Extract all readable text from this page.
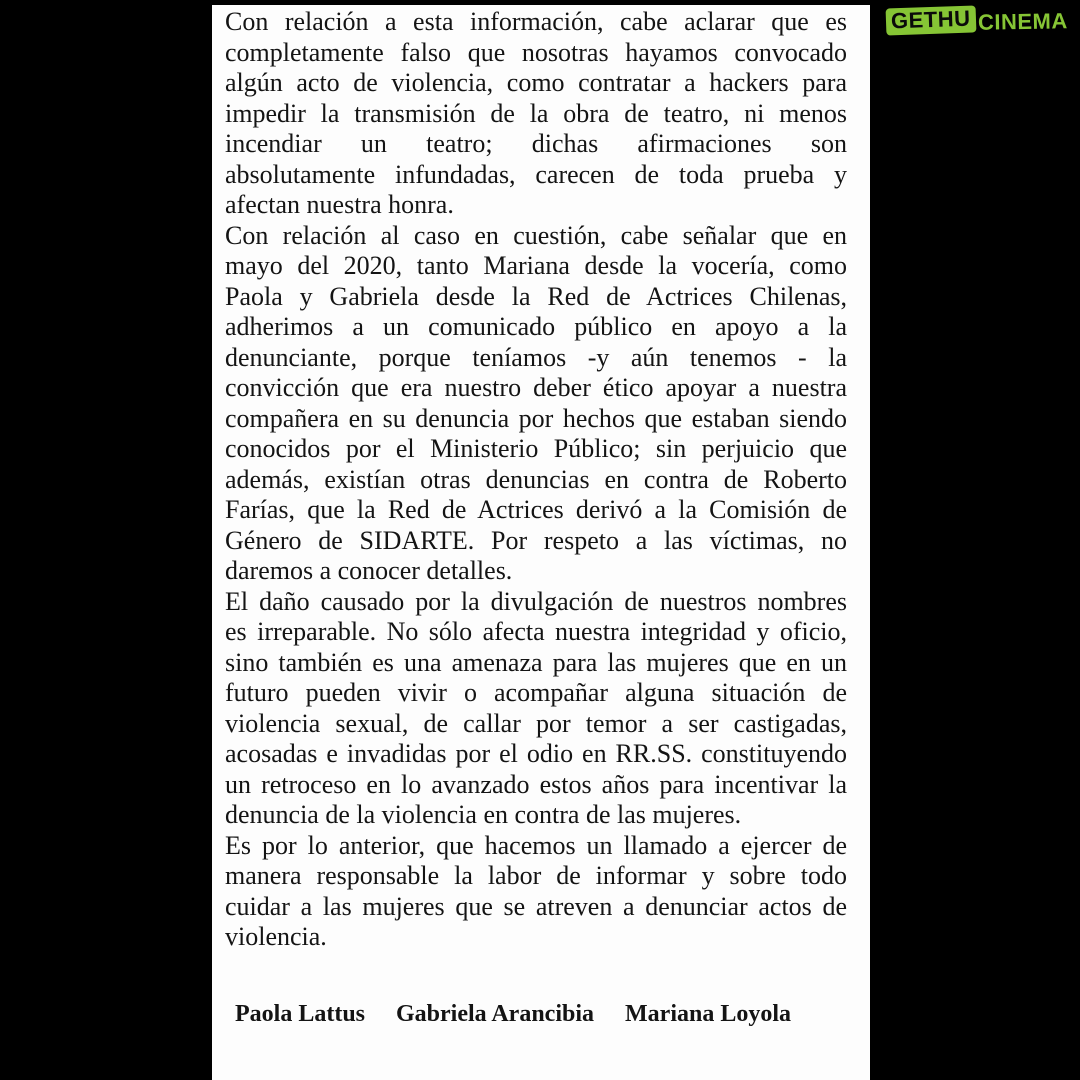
GETHU CINEMA
Con relación a esta información, cabe aclarar que es
completamente falso que nosotras hayamos convocado
algún acto de violencia, como contratar a hackers para
impedir la transmisión de la obra de teatro, ni menos
incendiar un teatro; dichas afirmaciones son
absolutamente infundadas, carecen de toda prueba y
afectan nuestra honra.
Con relación al caso en cuestión, cabe señalar que en
mayo del 2020, tanto Mariana desde la vocería, como
Paola y Gabriela desde la Red de Actrices Chilenas,
adherimos a un comunicado público en apoyo a la
denunciante, porque teníamos -y aún tenemos - la
convicción que era nuestro deber ético apoyar a nuestra
compañera en su denuncia por hechos que estaban siendo
conocidos por el Ministerio Público; sin perjuicio que
además, existían otras denuncias en contra de Roberto
Farías, que la Red de Actrices derivó a la Comisión de
Género de SIDARTE. Por respeto a las víctimas, no
daremos a conocer detalles.
El daño causado por la divulgación de nuestros nombres
es irreparable. No sólo afecta nuestra integridad y oficio,
sino también es una amenaza para las mujeres que en un
futuro pueden vivir o acompañar alguna situación de
violencia sexual, de callar por temor a ser castigadas,
acosadas e invadidas por el odio en RR.SS. constituyendo
un retroceso en lo avanzado estos años para incentivar la
denuncia de la violencia en contra de las mujeres.
Es por lo anterior, que hacemos un llamado a ejercer de
manera responsable la labor de informar y sobre todo
cuidar a las mujeres que se atreven a denunciar actos de
violencia.
Paola Lattus Gabriela Arancibia Mariana Loyola
